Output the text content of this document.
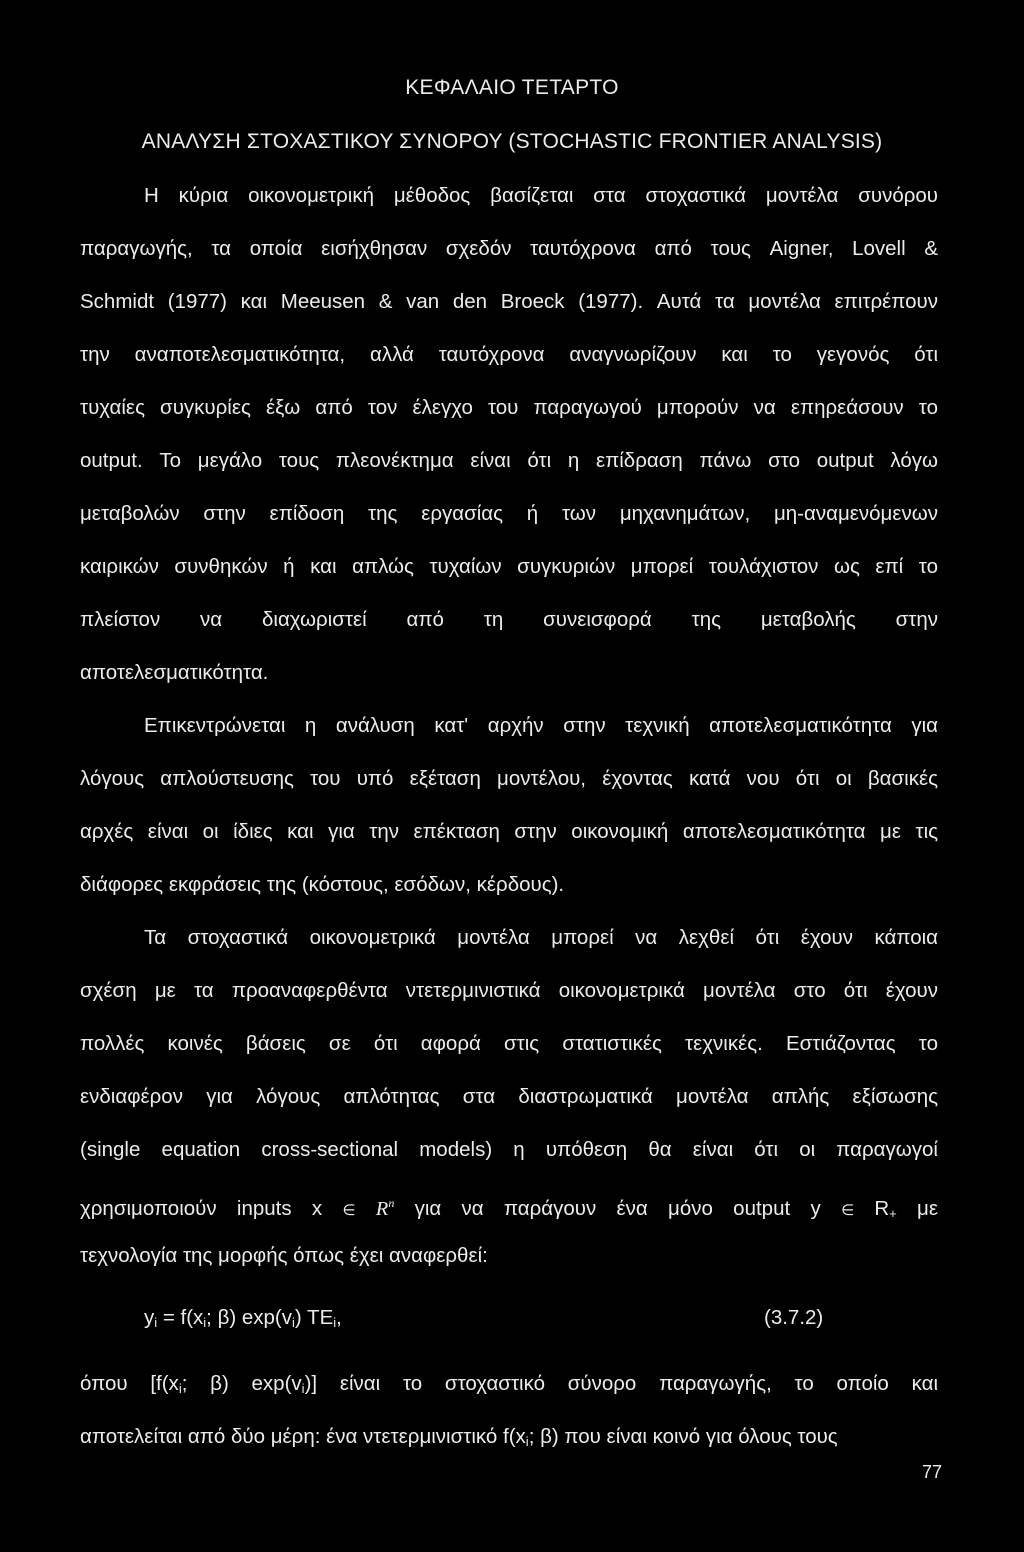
ΚΕΦΑΛΑΙΟ ΤΕΤΑΡΤΟ
ΑΝΑΛΥΣΗ ΣΤΟΧΑΣΤΙΚΟΥ ΣΥΝΟΡΟΥ (STOCHASTIC FRONTIER ANALYSIS)
Η κύρια οικονομετρική μέθοδος βασίζεται στα στοχαστικά μοντέλα συνόρου
παραγωγής, τα οποία εισήχθησαν σχεδόν ταυτόχρονα από τους Aigner, Lovell &
Schmidt (1977) και Meeusen & van den Broeck (1977). Αυτά τα μοντέλα επιτρέπουν
την αναποτελεσματικότητα, αλλά ταυτόχρονα αναγνωρίζουν και το γεγονός ότι
τυχαίες συγκυρίες έξω από τον έλεγχο του παραγωγού μπορούν να επηρεάσουν το
output. Το μεγάλο τους πλεονέκτημα είναι ότι η επίδραση πάνω στο output λόγω
μεταβολών στην επίδοση της εργασίας ή των μηχανημάτων, μη-αναμενόμενων
καιρικών συνθηκών ή και απλώς τυχαίων συγκυριών μπορεί τουλάχιστον ως επί το
πλείστον να διαχωριστεί από τη συνεισφορά της μεταβολής στην
αποτελεσματικότητα.
Επικεντρώνεται η ανάλυση κατ' αρχήν στην τεχνική αποτελεσματικότητα για
λόγους απλούστευσης του υπό εξέταση μοντέλου, έχοντας κατά νου ότι οι βασικές
αρχές είναι οι ίδιες και για την επέκταση στην οικονομική αποτελεσματικότητα με τις
διάφορες εκφράσεις της (κόστους, εσόδων, κέρδους).
Τα στοχαστικά οικονομετρικά μοντέλα μπορεί να λεχθεί ότι έχουν κάποια
σχέση με τα προαναφερθέντα ντετερμινιστικά οικονομετρικά μοντέλα στο ότι έχουν
πολλές κοινές βάσεις σε ότι αφορά στις στατιστικές τεχνικές. Εστιάζοντας το
ενδιαφέρον για λόγους απλότητας στα διαστρωματικά μοντέλα απλής εξίσωσης
(single equation cross-sectional models) η υπόθεση θα είναι ότι οι παραγωγοί
χρησιμοποιούν inputs x ∈ $R^n$ για να παράγουν ένα μόνο output y ∈ $R_+$ με
τεχνολογία της μορφής όπως έχει αναφερθεί:
$y_i = f(x_i$; β) $\exp(v_i)$ $TE_i$,	(3.7.2)
όπου [$f(x_i$; β) $\exp(v_i)$] είναι το στοχαστικό σύνορο παραγωγής, το οποίο και
αποτελείται από δύο μέρη: ένα ντετερμινιστικό $f(x_i$; β) που είναι κοινό για όλους τους
77
